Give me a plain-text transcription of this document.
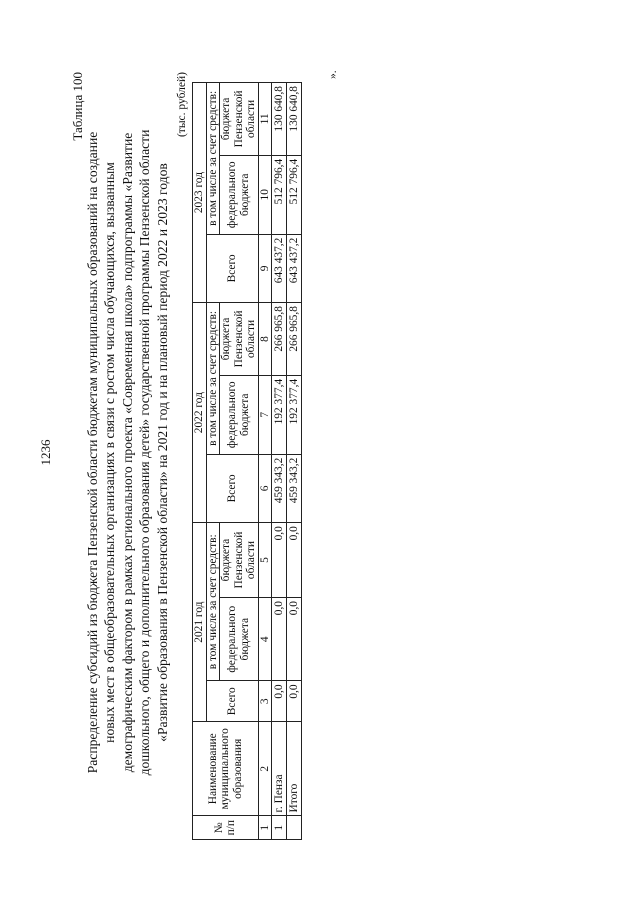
1236
Таблица 100
Распределение субсидий из бюджета Пензенской области бюджетам муниципальных образований на создание новых мест в общеобразовательных организациях в связи с ростом числа обучающихся, вызванным демографическим фактором в рамках регионального проекта «Современная школа» подпрограммы «Развитие дошкольного, общего и дополнительного образования детей» государственной программы Пензенской области «Развитие образования в Пензенской области» на 2021 год и на плановый период 2022 и 2023 годов
(тыс. рублей)
№ п/п	Наименование муниципального образования	2021 год			2022 год			2023 год		
		Всего	в том числе за счет средств:		Всего	в том числе за счет средств:		Всего	в том числе за счет средств:	
			федерального бюджета	бюджета Пензенской области		федерального бюджета	бюджета Пензенской области		федерального бюджета	бюджета Пензенской области
1	2	3	4	5	6	7	8	9	10	11
1	г. Пенза	0,0	0,0	0,0	459 343,2	192 377,4	266 965,8	643 437,2	512 796,4	130 640,8
	Итого	0,0	0,0	0,0	459 343,2	192 377,4	266 965,8	643 437,2	512 796,4	130 640,8
».
